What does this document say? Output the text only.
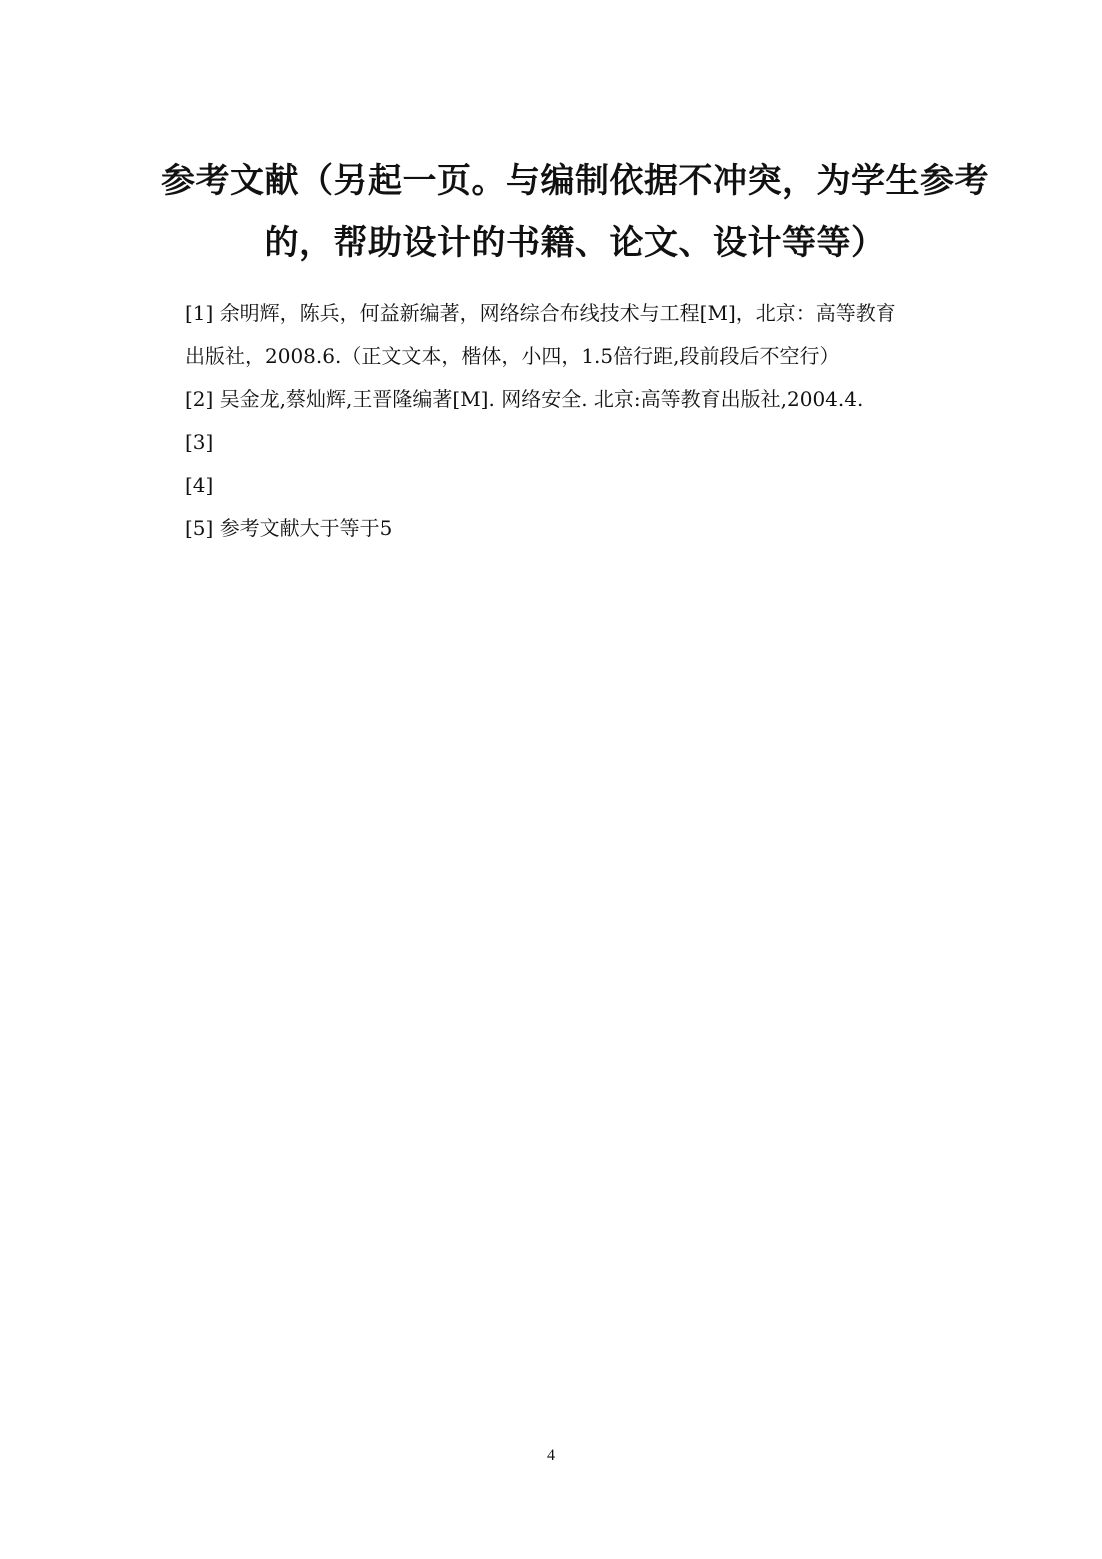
参考文献（另起一页。与编制依据不冲突，为学生参考
的，帮助设计的书籍、论文、设计等等）
[1] 余明辉，陈兵，何益新编著，网络综合布线技术与工程[M]，北京：高等教育
出版社，2008.6.（正文文本，楷体，小四，1.5倍行距,段前段后不空行）
[2] 吴金龙,蔡灿辉,王晋隆编著[M]. 网络安全. 北京:高等教育出版社,2004.4.
[3]
[4]
[5] 参考文献大于等于5
4
